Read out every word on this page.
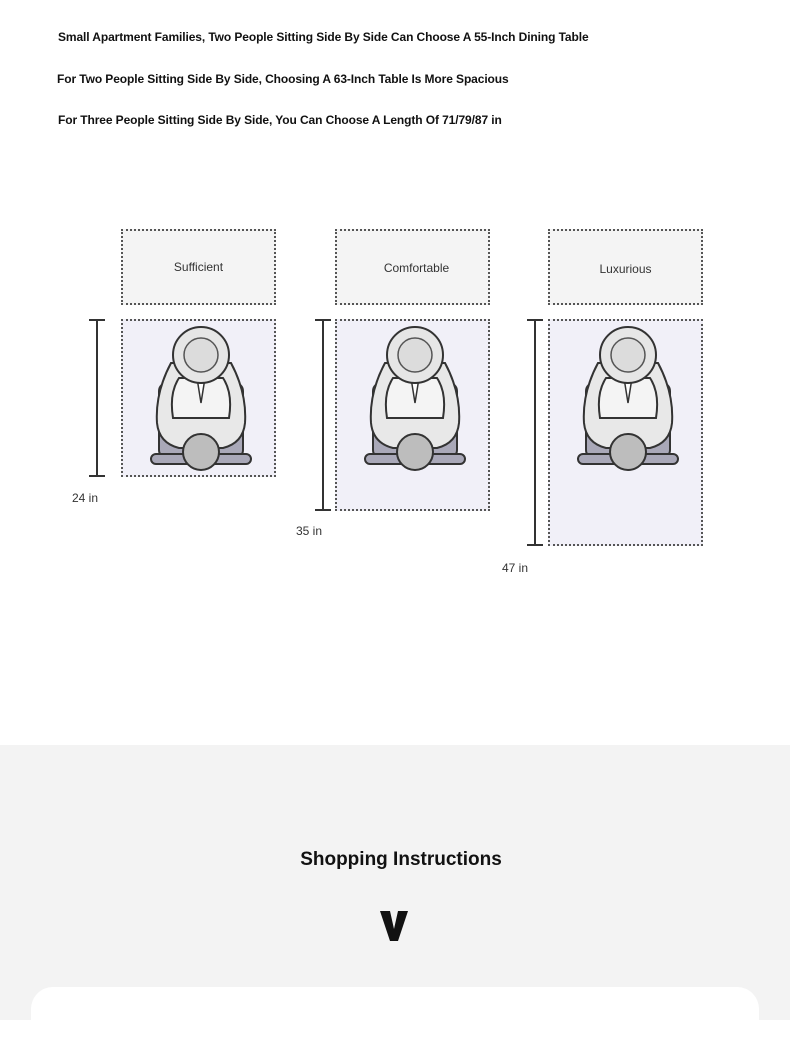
Small Apartment Families, Two People Sitting Side By Side Can Choose A 55-Inch Dining Table
For Two People Sitting Side By Side, Choosing A 63-Inch Table Is More Spacious
For Three People Sitting Side By Side, You Can Choose A Length Of 71/79/87 in
Sufficient
24 in
Comfortable
35 in
Luxurious
47 in
Shopping Instructions
